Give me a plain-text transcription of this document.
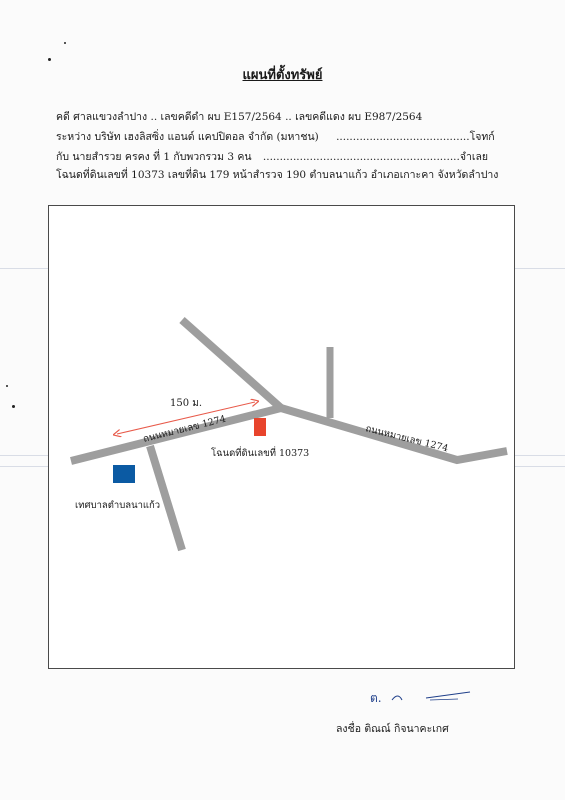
แผนที่ตั้งทรัพย์
คดี ศาลแขวงลำปาง .. เลขคดีดำ ผบ E157/2564 .. เลขคดีแดง ผบ E987/2564
ระหว่าง บริษัท เฮงลิสซิ่ง แอนด์ แคปปิตอล จำกัด (มหาชน) ........................................โจทก์
กับ นายสำรวย ครคง ที่ 1 กับพวกรวม 3 คน ...........................................................จำเลย
โฉนดที่ดินเลขที่ 10373 เลขที่ดิน 179 หน้าสำรวจ 190 ตำบลนาแก้ว อำเภอเกาะคา จังหวัดลำปาง
150 ม.
ถนนหมายเลข 1274	ถนนหมายเลข 1274
โฉนดที่ดินเลขที่ 10373
เทศบาลตำบลนาแก้ว
ต.
ลงชื่อ ติณณ์ กิจนาคะเกศ
